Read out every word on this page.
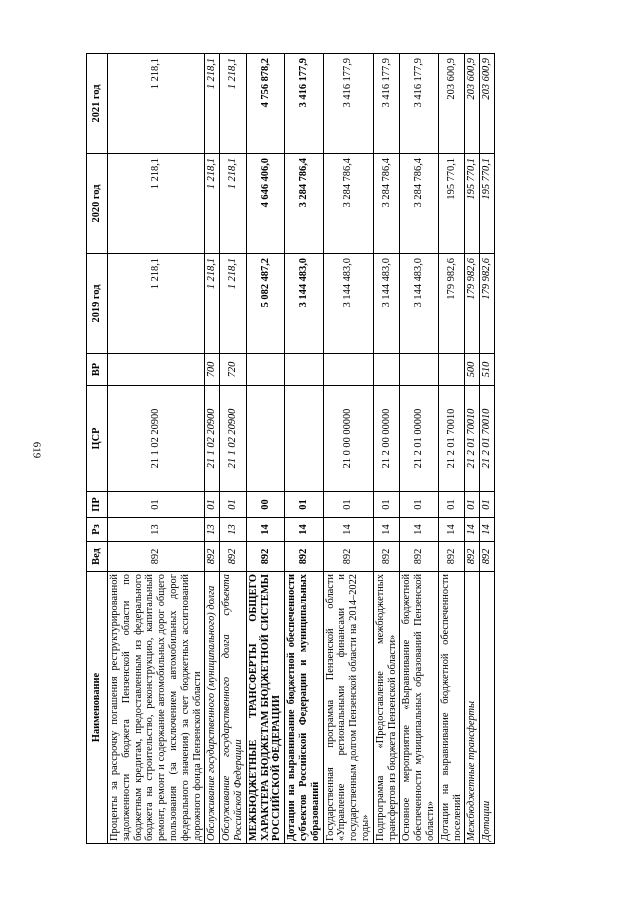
619
Наименование	Вед	Рз	ПР	ЦСР	ВР	2019 год	2020 год	2021 год
Проценты за рассрочку погашения реструктурированной задолженности бюджета Пензенской области по бюджетным кредитам, предоставленным из федерального бюджета на строительство, реконструкцию, капитальный ремонт, ремонт и содержание автомобильных дорог общего пользования (за исключением автомобильных дорог федерального значения) за счет бюджетных ассигнований дорожного фонда Пензенской области	892	13	01	21 1 02 20900		1 218,1	1 218,1	1 218,1
Обслуживание государственного (муниципального) долга	892	13	01	21 1 02 20900	700	1 218,1	1 218,1	1 218,1
Обслуживание государственного долга субъекта Российской Федерации	892	13	01	21 1 02 20900	720	1 218,1	1 218,1	1 218,1
МЕЖБЮДЖЕТНЫЕ ТРАНСФЕРТЫ ОБЩЕГО ХАРАКТЕРА БЮДЖЕТАМ БЮДЖЕТНОЙ СИСТЕМЫ РОССИЙСКОЙ ФЕДЕРАЦИИ	892	14	00			5 082 487,2	4 646 406,0	4 756 878,2
Дотации на выравнивание бюджетной обеспеченности субъектов Российской Федерации и муниципальных образований	892	14	01			3 144 483,0	3 284 786,4	3 416 177,9
Государственная программа Пензенской области «Управление региональными финансами и государственным долгом Пензенской области на 2014–2022 годы»	892	14	01	21 0 00 00000		3 144 483,0	3 284 786,4	3 416 177,9
Подпрограмма «Предоставление межбюджетных трансфертов из бюджета Пензенской области»	892	14	01	21 2 00 00000		3 144 483,0	3 284 786,4	3 416 177,9
Основное мероприятие «Выравнивание бюджетной обеспеченности муниципальных образований Пензенской области»	892	14	01	21 2 01 00000		3 144 483,0	3 284 786,4	3 416 177,9
Дотации на выравнивание бюджетной обеспеченности поселений	892	14	01	21 2 01 70010		179 982,6	195 770,1	203 600,9
Межбюджетные трансферты	892	14	01	21 2 01 70010	500	179 982,6	195 770,1	203 600,9
Дотации	892	14	01	21 2 01 70010	510	179 982,6	195 770,1	203 600,9
